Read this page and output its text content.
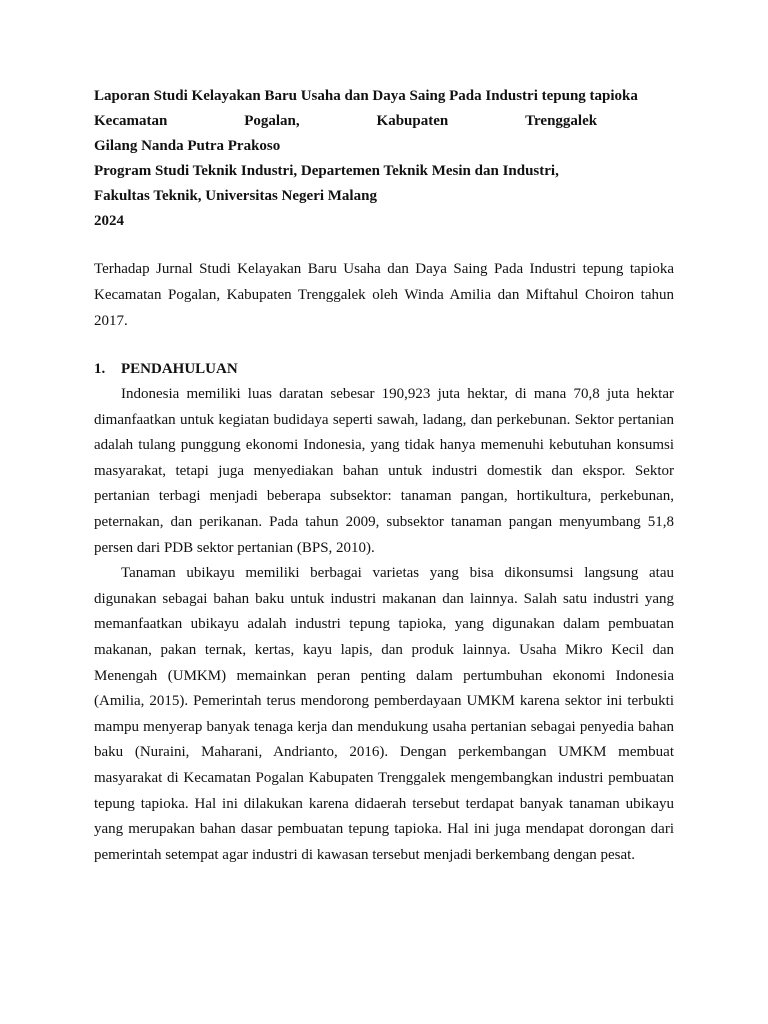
Laporan Studi Kelayakan Baru Usaha dan Daya Saing Pada Industri tepung tapioka
Kecamatan	Pogalan,	Kabupaten	Trenggalek
Gilang Nanda Putra Prakoso
Program Studi Teknik Industri, Departemen Teknik Mesin dan Industri,
Fakultas Teknik, Universitas Negeri Malang
2024

Terhadap Jurnal Studi Kelayakan Baru Usaha dan Daya Saing Pada Industri tepung tapioka Kecamatan Pogalan, Kabupaten Trenggalek oleh Winda Amilia dan Miftahul Choiron tahun 2017.

1.	PENDAHULUAN

Indonesia memiliki luas daratan sebesar 190,923 juta hektar, di mana 70,8 juta hektar dimanfaatkan untuk kegiatan budidaya seperti sawah, ladang, dan perkebunan. Sektor pertanian adalah tulang punggung ekonomi Indonesia, yang tidak hanya memenuhi kebutuhan konsumsi masyarakat, tetapi juga menyediakan bahan untuk industri domestik dan ekspor. Sektor pertanian terbagi menjadi beberapa subsektor: tanaman pangan, hortikultura, perkebunan, peternakan, dan perikanan. Pada tahun 2009, subsektor tanaman pangan menyumbang 51,8 persen dari PDB sektor pertanian (BPS, 2010).

Tanaman ubikayu memiliki berbagai varietas yang bisa dikonsumsi langsung atau digunakan sebagai bahan baku untuk industri makanan dan lainnya. Salah satu industri yang memanfaatkan ubikayu adalah industri tepung tapioka, yang digunakan dalam pembuatan makanan, pakan ternak, kertas, kayu lapis, dan produk lainnya. Usaha Mikro Kecil dan Menengah (UMKM) memainkan peran penting dalam pertumbuhan ekonomi Indonesia (Amilia, 2015). Pemerintah terus mendorong pemberdayaan UMKM karena sektor ini terbukti mampu menyerap banyak tenaga kerja dan mendukung usaha pertanian sebagai penyedia bahan baku (Nuraini, Maharani, Andrianto, 2016). Dengan perkembangan UMKM membuat masyarakat di Kecamatan Pogalan Kabupaten Trenggalek mengembangkan industri pembuatan tepung tapioka. Hal ini dilakukan karena didaerah tersebut terdapat banyak tanaman ubikayu yang merupakan bahan dasar pembuatan tepung tapioka. Hal ini juga mendapat dorongan dari pemerintah setempat agar industri di kawasan tersebut menjadi berkembang dengan pesat.
